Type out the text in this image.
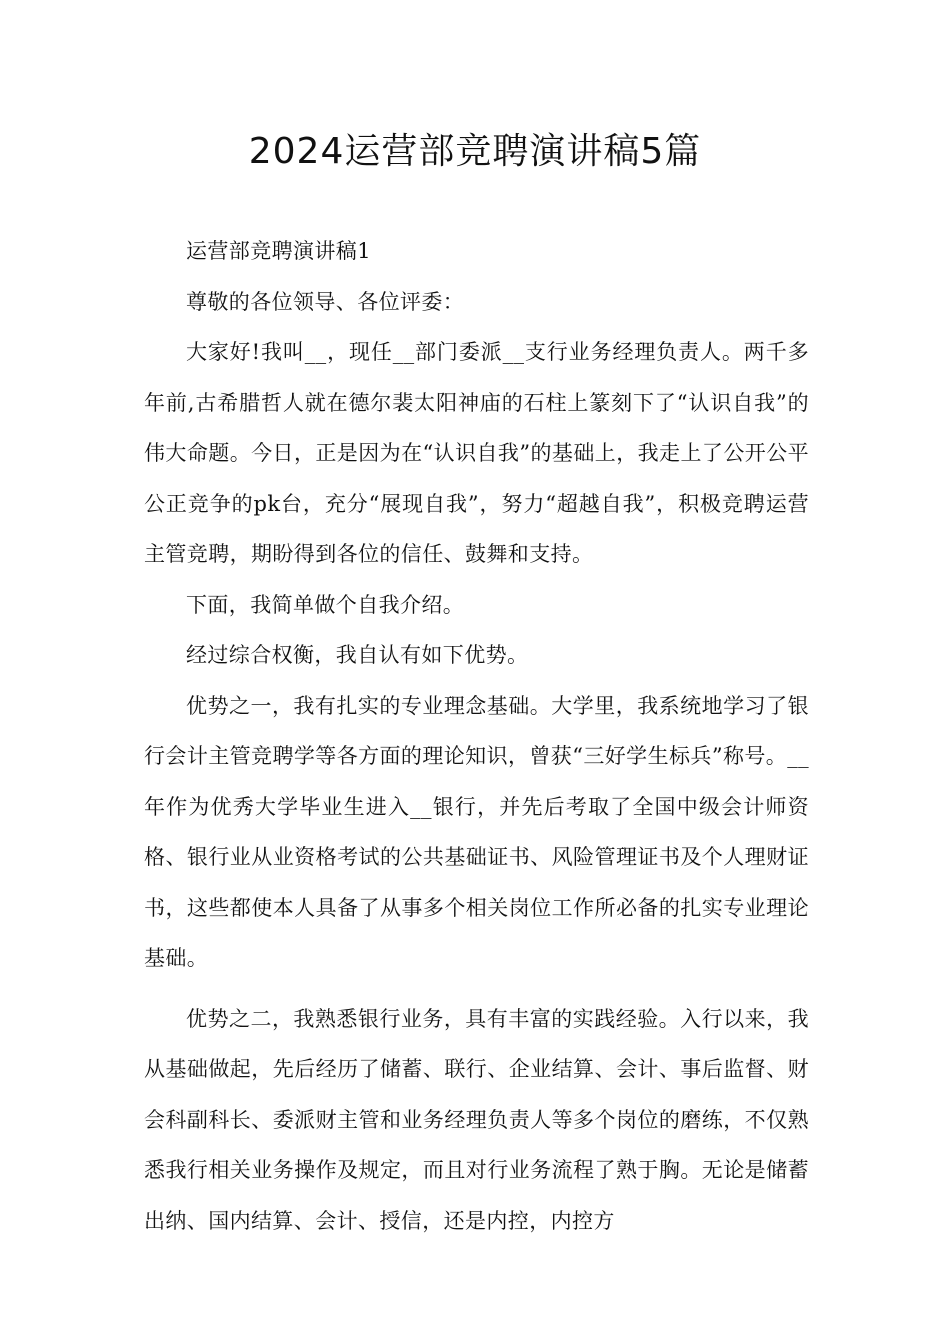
2024运营部竞聘演讲稿5篇

运营部竞聘演讲稿1

尊敬的各位领导、各位评委：

大家好!我叫__，现任__部门委派__支行业务经理负责人。两千多年前,古希腊哲人就在德尔裴太阳神庙的石柱上篆刻下了“认识自我”的伟大命题。今日，正是因为在“认识自我”的基础上，我走上了公开公平公正竞争的pk台，充分“展现自我”，努力“超越自我”，积极竞聘运营主管竞聘，期盼得到各位的信任、鼓舞和支持。

下面，我简单做个自我介绍。

经过综合权衡，我自认有如下优势。

优势之一，我有扎实的专业理念基础。大学里，我系统地学习了银行会计主管竞聘学等各方面的理论知识，曾获“三好学生标兵”称号。__年作为优秀大学毕业生进入__银行，并先后考取了全国中级会计师资格、银行业从业资格考试的公共基础证书、风险管理证书及个人理财证书，这些都使本人具备了从事多个相关岗位工作所必备的扎实专业理论基础。

优势之二，我熟悉银行业务，具有丰富的实践经验。入行以来，我从基础做起，先后经历了储蓄、联行、企业结算、会计、事后监督、财会科副科长、委派财主管和业务经理负责人等多个岗位的磨练，不仅熟悉我行相关业务操作及规定，而且对行业务流程了熟于胸。无论是储蓄出纳、国内结算、会计、授信，还是内控，内控方
